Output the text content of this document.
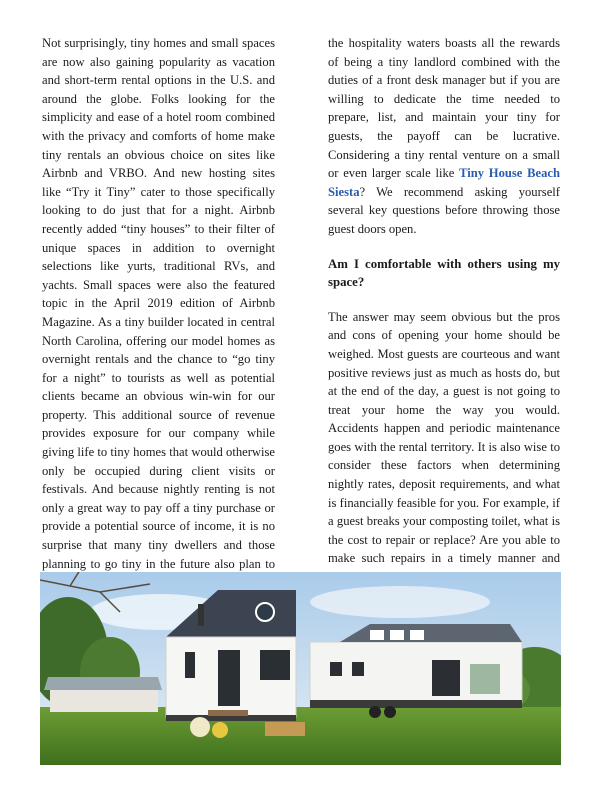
Not surprisingly, tiny homes and small spaces are now also gaining popularity as vacation and short-term rental options in the U.S. and around the globe. Folks looking for the simplicity and ease of a hotel room combined with the privacy and comforts of home make tiny rentals an obvious choice on sites like Airbnb and VRBO. And new hosting sites like “Try it Tiny” cater to those specifically looking to do just that for a night. Airbnb recently added “tiny houses” to their filter of unique spaces in addition to overnight selections like yurts, traditional RVs, and yachts. Small spaces were also the featured topic in the April 2019 edition of Airbnb Magazine. As a tiny builder located in central North Carolina, offering our model homes as overnight rentals and the chance to “go tiny for a night” to tourists as well as potential clients became an obvious win-win for our property. This additional source of revenue provides exposure for our company while giving life to tiny homes that would otherwise only be occupied during client visits or festivals. And because nightly renting is not only a great way to pay off a tiny purchase or provide a potential source of income, it is no surprise that many tiny dwellers and those planning to go tiny in the future also plan to

the hospitality waters boasts all the rewards of being a tiny landlord combined with the duties of a front desk manager but if you are willing to dedicate the time needed to prepare, list, and maintain your tiny for guests, the payoff can be lucrative. Considering a tiny rental venture on a small or even larger scale like Tiny House Beach Siesta? We recommend asking yourself several key questions before throwing those guest doors open.

Am I comfortable with others using my space?

The answer may seem obvious but the pros and cons of opening your home should be weighed. Most guests are courteous and want positive reviews just as much as hosts do, but at the end of the day, a guest is not going to treat your home the way you would. Accidents happen and periodic maintenance goes with the rental territory. It is also wise to consider these factors when determining nightly rates, deposit requirements, and what is financially feasible for you. For example, if a guest breaks your composting toilet, what is the cost to repair or replace? Are you able to make such repairs in a timely manner and
